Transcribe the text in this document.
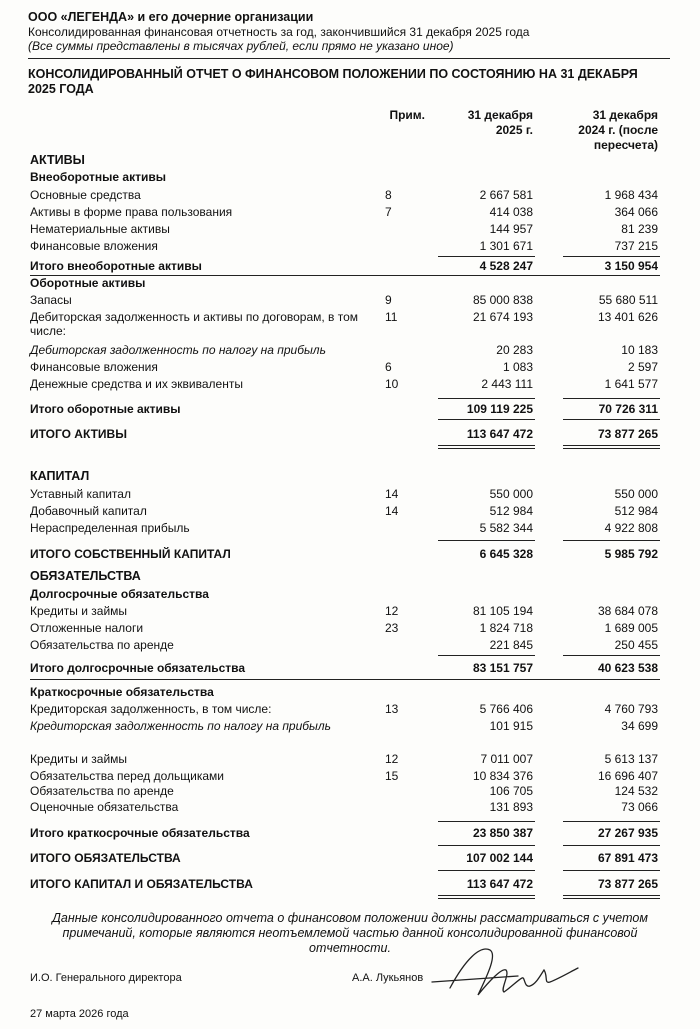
ООО «ЛЕГЕНДА» и его дочерние организации
Консолидированная финансовая отчетность за год, закончившийся 31 декабря 2025 года
(Все суммы представлены в тысячах рублей, если прямо не указано иное)
КОНСОЛИДИРОВАННЫЙ ОТЧЕТ О ФИНАНСОВОМ ПОЛОЖЕНИИ ПО СОСТОЯНИЮ НА 31 ДЕКАБРЯ 2025 ГОДА
Прим.	31 декабря
2025 г.
31 декабря
2024 г. (после
пересчета)
АКТИВЫ
Внеоборотные активы
Основные средства	8	2 667 581	1 968 434
Активы в форме права пользования	7	414 038	364 066
Нематериальные активы	144 957	81 239
Финансовые вложения	1 301 671	737 215
Итого внеоборотные активы	4 528 247	3 150 954
Оборотные активы
Запасы	9	85 000 838	55 680 511
Дебиторская задолженность и активы по договорам, в том числе:
11	21 674 193	13 401 626
Дебиторская задолженность по налогу на прибыль	20 283	10 183
Финансовые вложения	6	1 083	2 597
Денежные средства и их эквиваленты	10	2 443 111	1 641 577
Итого оборотные активы	109 119 225	70 726 311
ИТОГО АКТИВЫ	113 647 472	73 877 265
КАПИТАЛ
Уставный капитал	14	550 000	550 000
Добавочный капитал	14	512 984	512 984
Нераспределенная прибыль	5 582 344	4 922 808
ИТОГО СОБСТВЕННЫЙ КАПИТАЛ	6 645 328	5 985 792
ОБЯЗАТЕЛЬСТВА
Долгосрочные обязательства
Кредиты и займы	12	81 105 194	38 684 078
Отложенные налоги	23	1 824 718	1 689 005
Обязательства по аренде	221 845	250 455
Итого долгосрочные обязательства	83 151 757	40 623 538
Краткосрочные обязательства
Кредиторская задолженность, в том числе:	13	5 766 406	4 760 793
Кредиторская задолженность по налогу на прибыль	101 915	34 699
Кредиты и займы	12	7 011 007	5 613 137
Обязательства перед дольщиками	15	10 834 376	16 696 407
Обязательства по аренде	106 705	124 532
Оценочные обязательства	131 893	73 066
Итого краткосрочные обязательства	23 850 387	27 267 935
ИТОГО ОБЯЗАТЕЛЬСТВА	107 002 144	67 891 473
ИТОГО КАПИТАЛ И ОБЯЗАТЕЛЬСТВА	113 647 472	73 877 265
Данные консолидированного отчета о финансовом положении должны рассматриваться с учетом примечаний, которые являются неотъемлемой частью данной консолидированной финансовой отчетности.
И.О. Генерального директора	А.А. Лукьянов
27 марта 2026 года
